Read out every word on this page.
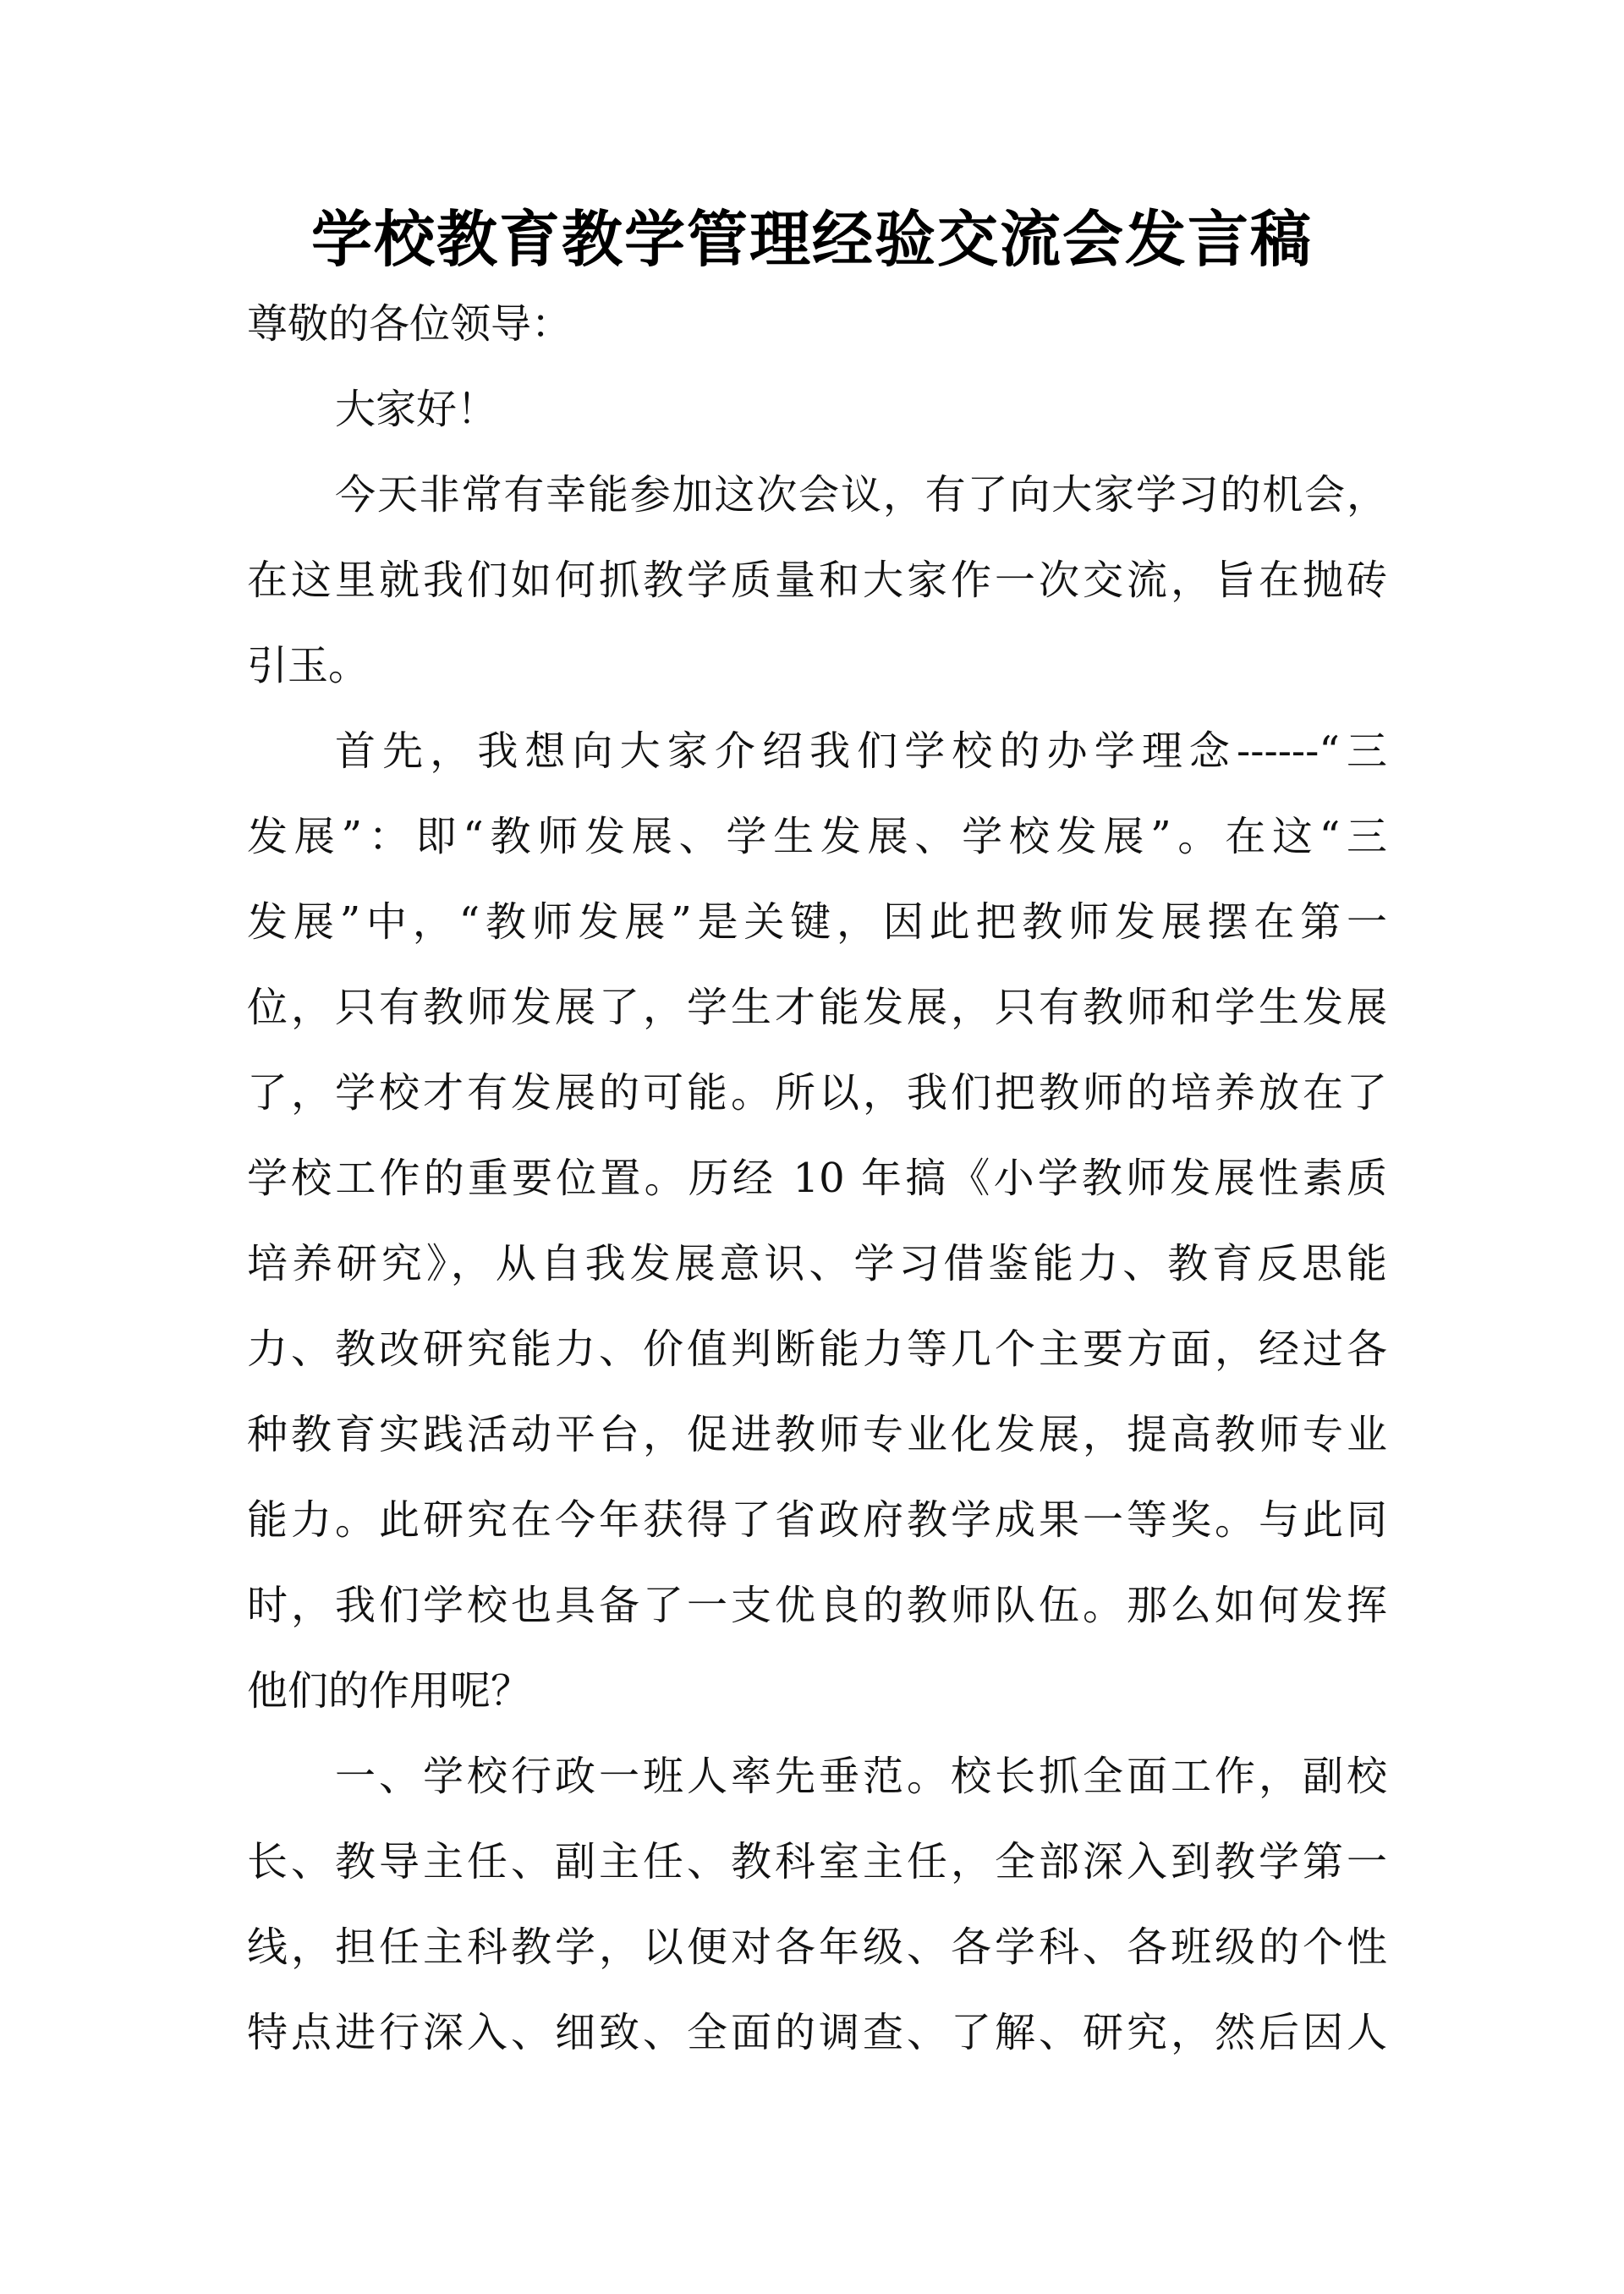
学校教育教学管理经验交流会发言稿
尊敬的各位领导：
大家好！
今天非常有幸能参加这次会议，有了向大家学习的机会，
在这里就我们如何抓教学质量和大家作一次交流，旨在抛砖
引玉。
首先，我想向大家介绍我们学校的办学理念------“三
发展”：即“教师发展、学生发展、学校发展”。在这“三
发展”中，“教师发展”是关键，因此把教师发展摆在第一
位，只有教师发展了，学生才能发展，只有教师和学生发展
了，学校才有发展的可能。所以，我们把教师的培养放在了
学校工作的重要位置。历经 10 年搞《小学教师发展性素质
培养研究》，从自我发展意识、学习借鉴能力、教育反思能
力、教改研究能力、价值判断能力等几个主要方面，经过各
种教育实践活动平台，促进教师专业化发展，提高教师专业
能力。此研究在今年获得了省政府教学成果一等奖。与此同
时，我们学校也具备了一支优良的教师队伍。那么如何发挥
他们的作用呢？
一、学校行政一班人率先垂范。校长抓全面工作，副校
长、教导主任、副主任、教科室主任，全部深入到教学第一
线，担任主科教学，以便对各年级、各学科、各班级的个性
特点进行深入、细致、全面的调查、了解、研究，然后因人
